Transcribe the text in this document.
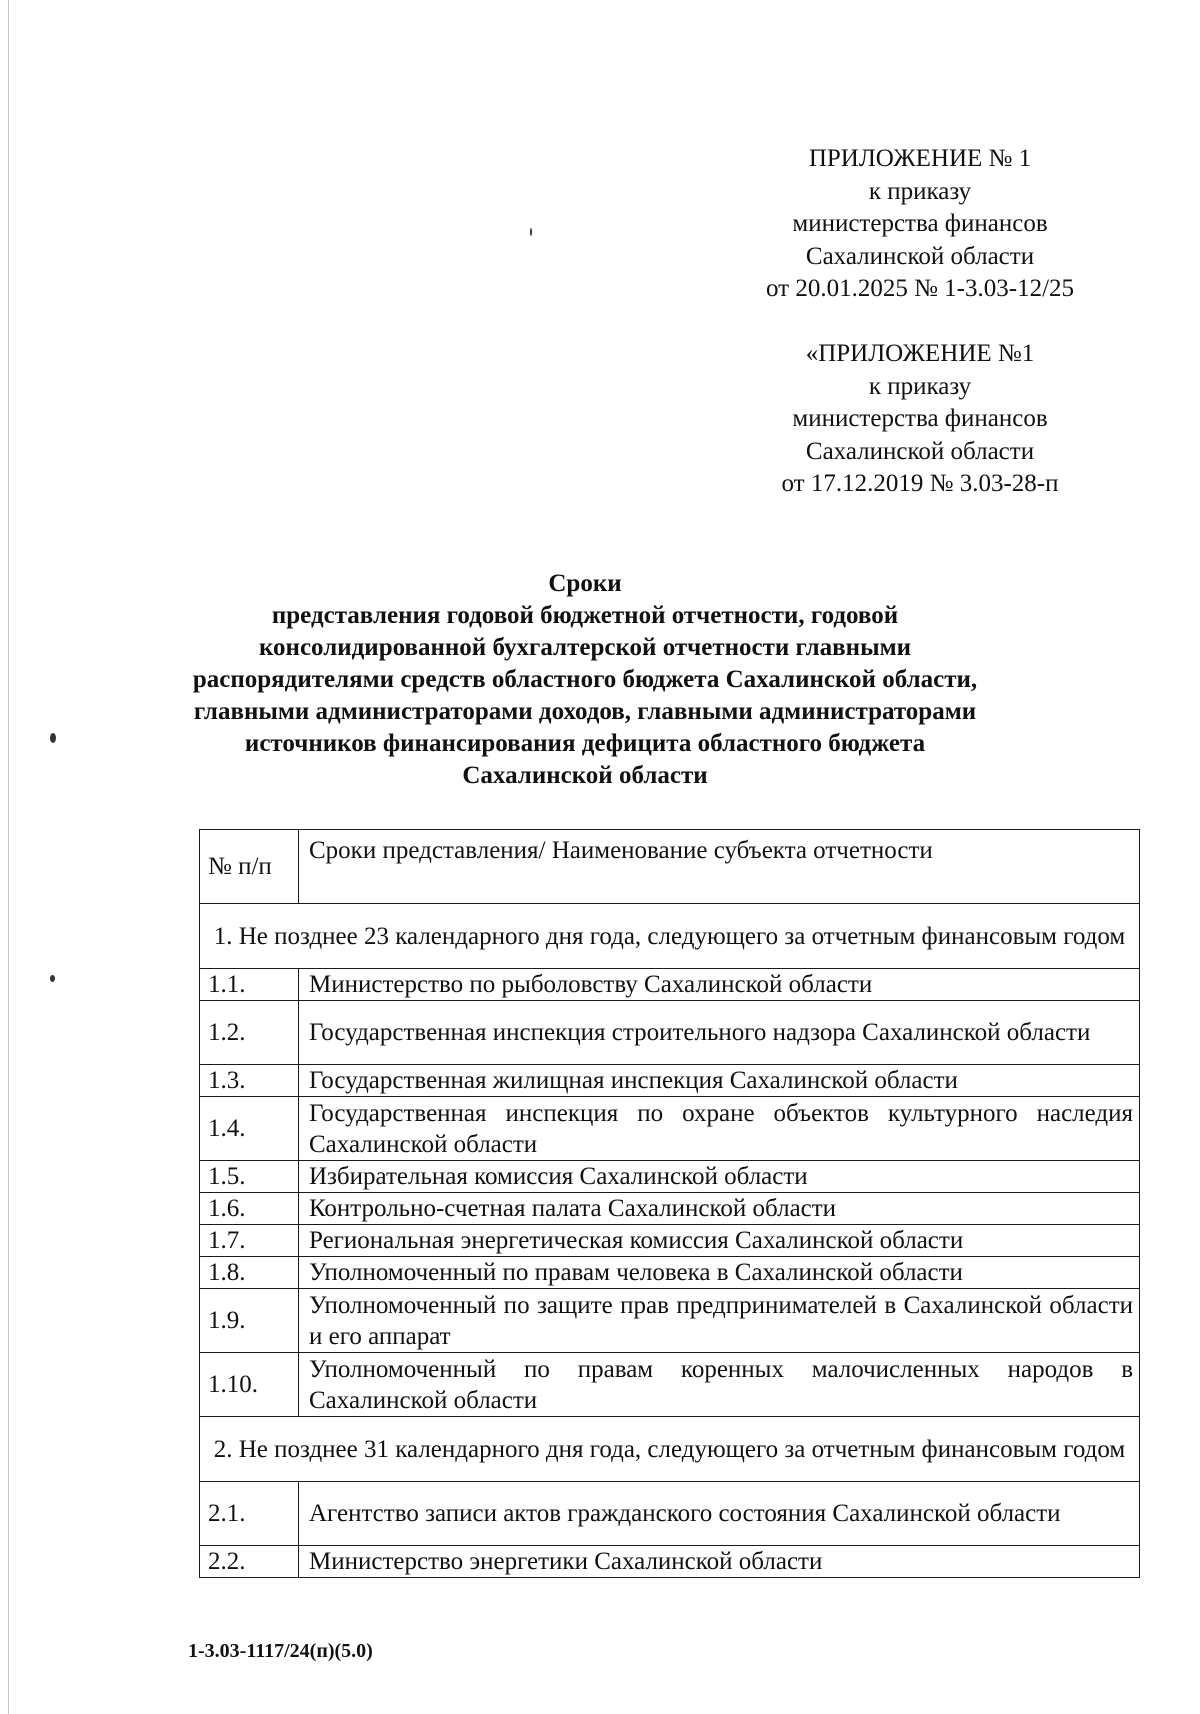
ПРИЛОЖЕНИЕ № 1
к приказу
министерства финансов
Сахалинской области
от 20.01.2025 № 1-3.03-12/25
«ПРИЛОЖЕНИЕ №1
к приказу
министерства финансов
Сахалинской области
от 17.12.2019 № 3.03-28-п
Сроки
представления годовой бюджетной отчетности, годовой
консолидированной бухгалтерской отчетности главными
распорядителями средств областного бюджета Сахалинской области,
главными администраторами доходов, главными администраторами
источников финансирования дефицита областного бюджета
Сахалинской области
№ п/п	Сроки представления/ Наименование субъекта отчетности
1. Не позднее 23 календарного дня года, следующего за отчетным финансовым годом	
1.1.	Министерство по рыболовству Сахалинской области
1.2.	Государственная инспекция строительного надзора Сахалинской области
1.3.	Государственная жилищная инспекция Сахалинской области
1.4.	Государственная инспекция по охране объектов культурного наследия Сахалинской области
1.5.	Избирательная комиссия Сахалинской области
1.6.	Контрольно-счетная палата Сахалинской области
1.7.	Региональная энергетическая комиссия Сахалинской области
1.8.	Уполномоченный по правам человека в Сахалинской области
1.9.	Уполномоченный по защите прав предпринимателей в Сахалинской области и его аппарат
1.10.	Уполномоченный по правам коренных малочисленных народов в Сахалинской области
2. Не позднее 31 календарного дня года, следующего за отчетным финансовым годом	
2.1.	Агентство записи актов гражданского состояния Сахалинской области
2.2.	Министерство энергетики Сахалинской области
1-3.03-1117/24(п)(5.0)
